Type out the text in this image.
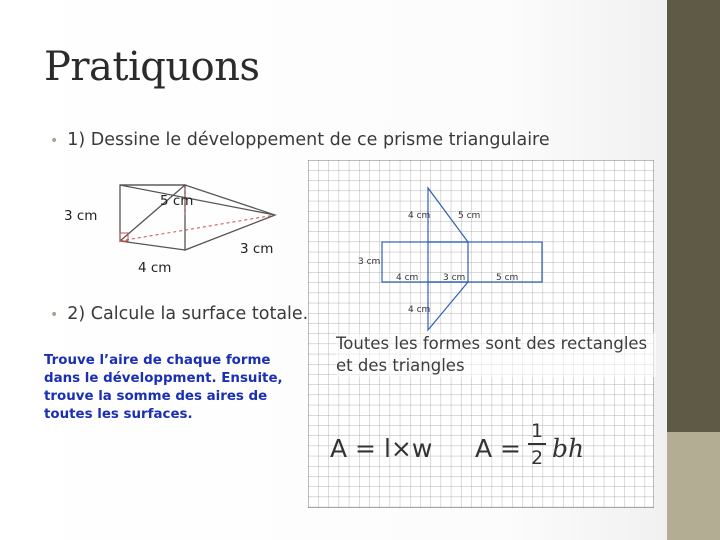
Pratiquons
• 1) Dessine le développement de ce prisme triangulaire
3 cm
5 cm
4 cm
3 cm
• 2) Calcule la surface totale.
Trouve l’aire de chaque forme dans le développment. Ensuite, trouve la somme des aires de toutes les surfaces.
4 cm	5 cm
3 cm
4 cm	3 cm	5 cm
4 cm
Toutes les formes sont des rectangles et des triangles
A = l×w A =
1
2 bh
